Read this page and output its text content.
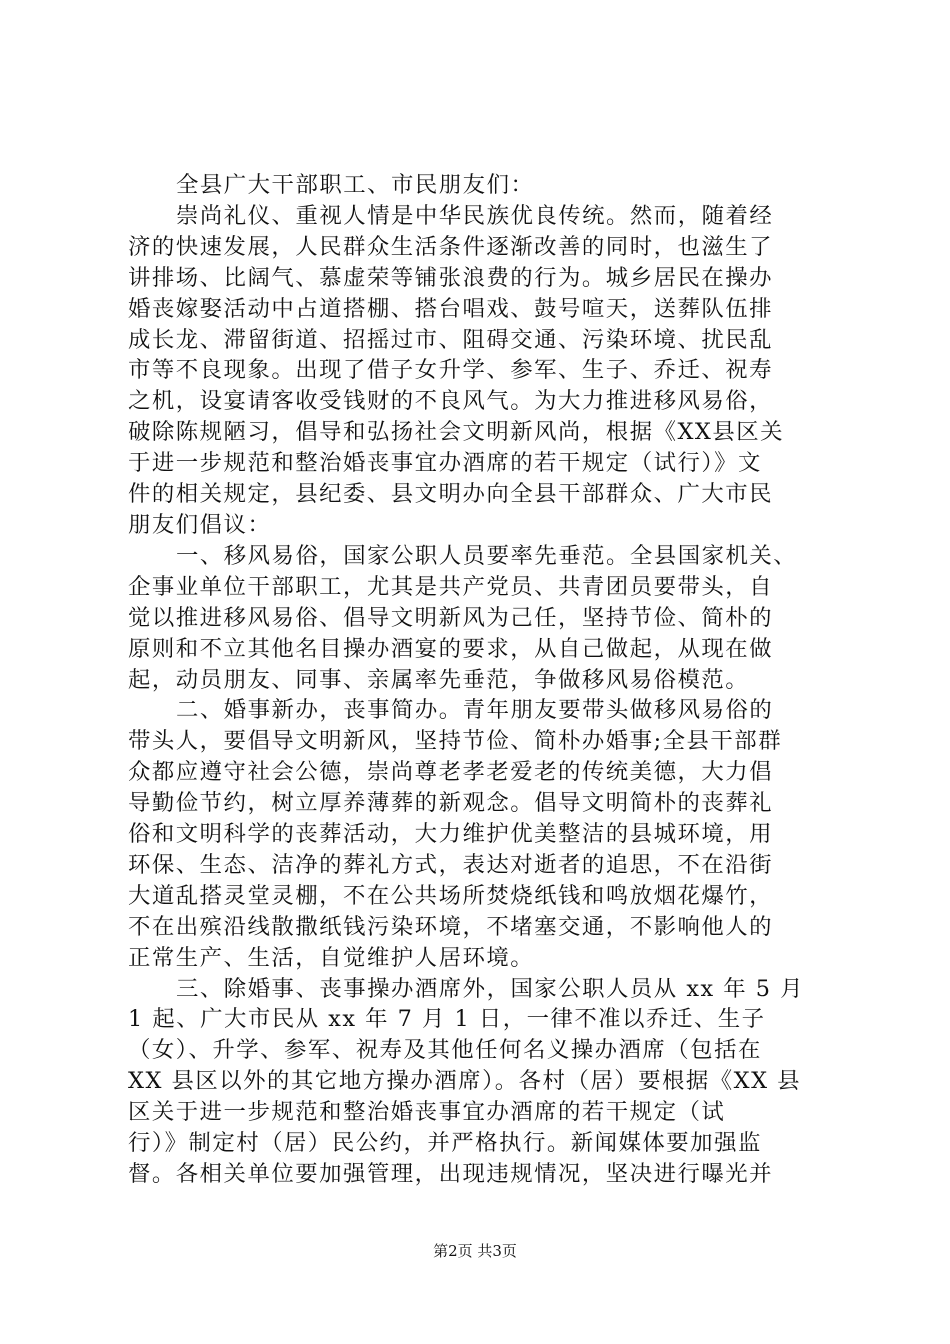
全县广大干部职工、市民朋友们：

崇尚礼仪、重视人情是中华民族优良传统。然而，随着经

济的快速发展，人民群众生活条件逐渐改善的同时，也滋生了

讲排场、比阔气、慕虚荣等铺张浪费的行为。城乡居民在操办

婚丧嫁娶活动中占道搭棚、搭台唱戏、鼓号喧天，送葬队伍排

成长龙、滞留街道、招摇过市、阻碍交通、污染环境、扰民乱

市等不良现象。出现了借子女升学、参军、生子、乔迁、祝寿

之机，设宴请客收受钱财的不良风气。为大力推进移风易俗，

破除陈规陋习，倡导和弘扬社会文明新风尚，根据《XX县区关

于进一步规范和整治婚丧事宜办酒席的若干规定（试行）》文

件的相关规定，县纪委、县文明办向全县干部群众、广大市民

朋友们倡议：

一、移风易俗，国家公职人员要率先垂范。全县国家机关、

企事业单位干部职工，尤其是共产党员、共青团员要带头，自

觉以推进移风易俗、倡导文明新风为己任，坚持节俭、简朴的

原则和不立其他名目操办酒宴的要求，从自己做起，从现在做

起，动员朋友、同事、亲属率先垂范，争做移风易俗模范。

二、婚事新办，丧事简办。青年朋友要带头做移风易俗的

带头人，要倡导文明新风，坚持节俭、简朴办婚事;全县干部群

众都应遵守社会公德，崇尚尊老孝老爱老的传统美德，大力倡

导勤俭节约，树立厚养薄葬的新观念。倡导文明简朴的丧葬礼

俗和文明科学的丧葬活动，大力维护优美整洁的县城环境，用

环保、生态、洁净的葬礼方式，表达对逝者的追思，不在沿街

大道乱搭灵堂灵棚，不在公共场所焚烧纸钱和鸣放烟花爆竹，

不在出殡沿线散撒纸钱污染环境，不堵塞交通，不影响他人的

正常生产、生活，自觉维护人居环境。

三、除婚事、丧事操办酒席外，国家公职人员从 xx 年 5 月

1 起、广大市民从 xx 年 7 月 1 日，一律不准以乔迁、生子

（女）、升学、参军、祝寿及其他任何名义操办酒席（包括在

XX 县区以外的其它地方操办酒席）。各村（居）要根据《XX 县

区关于进一步规范和整治婚丧事宜办酒席的若干规定（试

行）》制定村（居）民公约，并严格执行。新闻媒体要加强监

督。各相关单位要加强管理，出现违规情况，坚决进行曝光并

第2页 共3页
